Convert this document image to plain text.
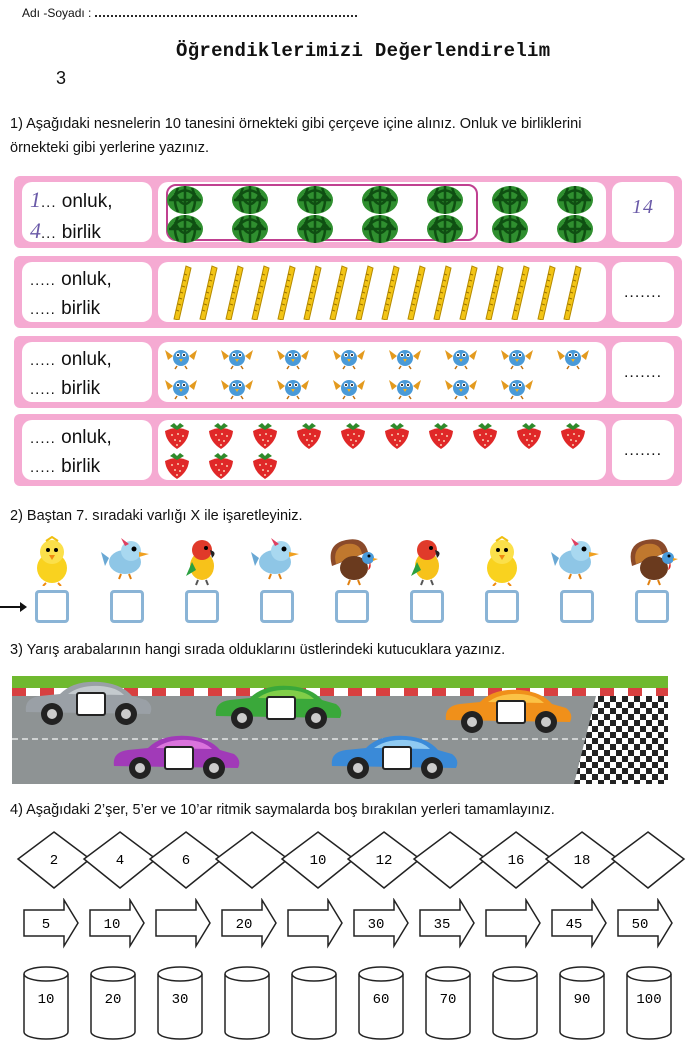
Adı -Soyadı :
Öğrendiklerimizi Değerlendirelim
3
1) Aşağıdaki nesnelerin 10 tanesini örnekteki gibi çerçeve içine alınız. Onluk ve birliklerini
örnekteki gibi yerlerine yazınız.
1... onluk,
4... birlik
14
..... onluk,
..... birlik
.......
..... onluk,
..... birlik
.......
..... onluk,
..... birlik
.......
2) Baştan 7. sıradaki varlığı X ile işaretleyiniz.
3) Yarış arabalarının hangi sırada olduklarını üstlerindeki kutucuklara yazınız.
4) Aşağıdaki 2’şer, 5’er ve 10’ar ritmik saymalarda boş bırakılan yerleri tamamlayınız.
2	4	6	10	12	16	18
5	10	20	30	35	45	50
10	20	30	60	70	90	100
